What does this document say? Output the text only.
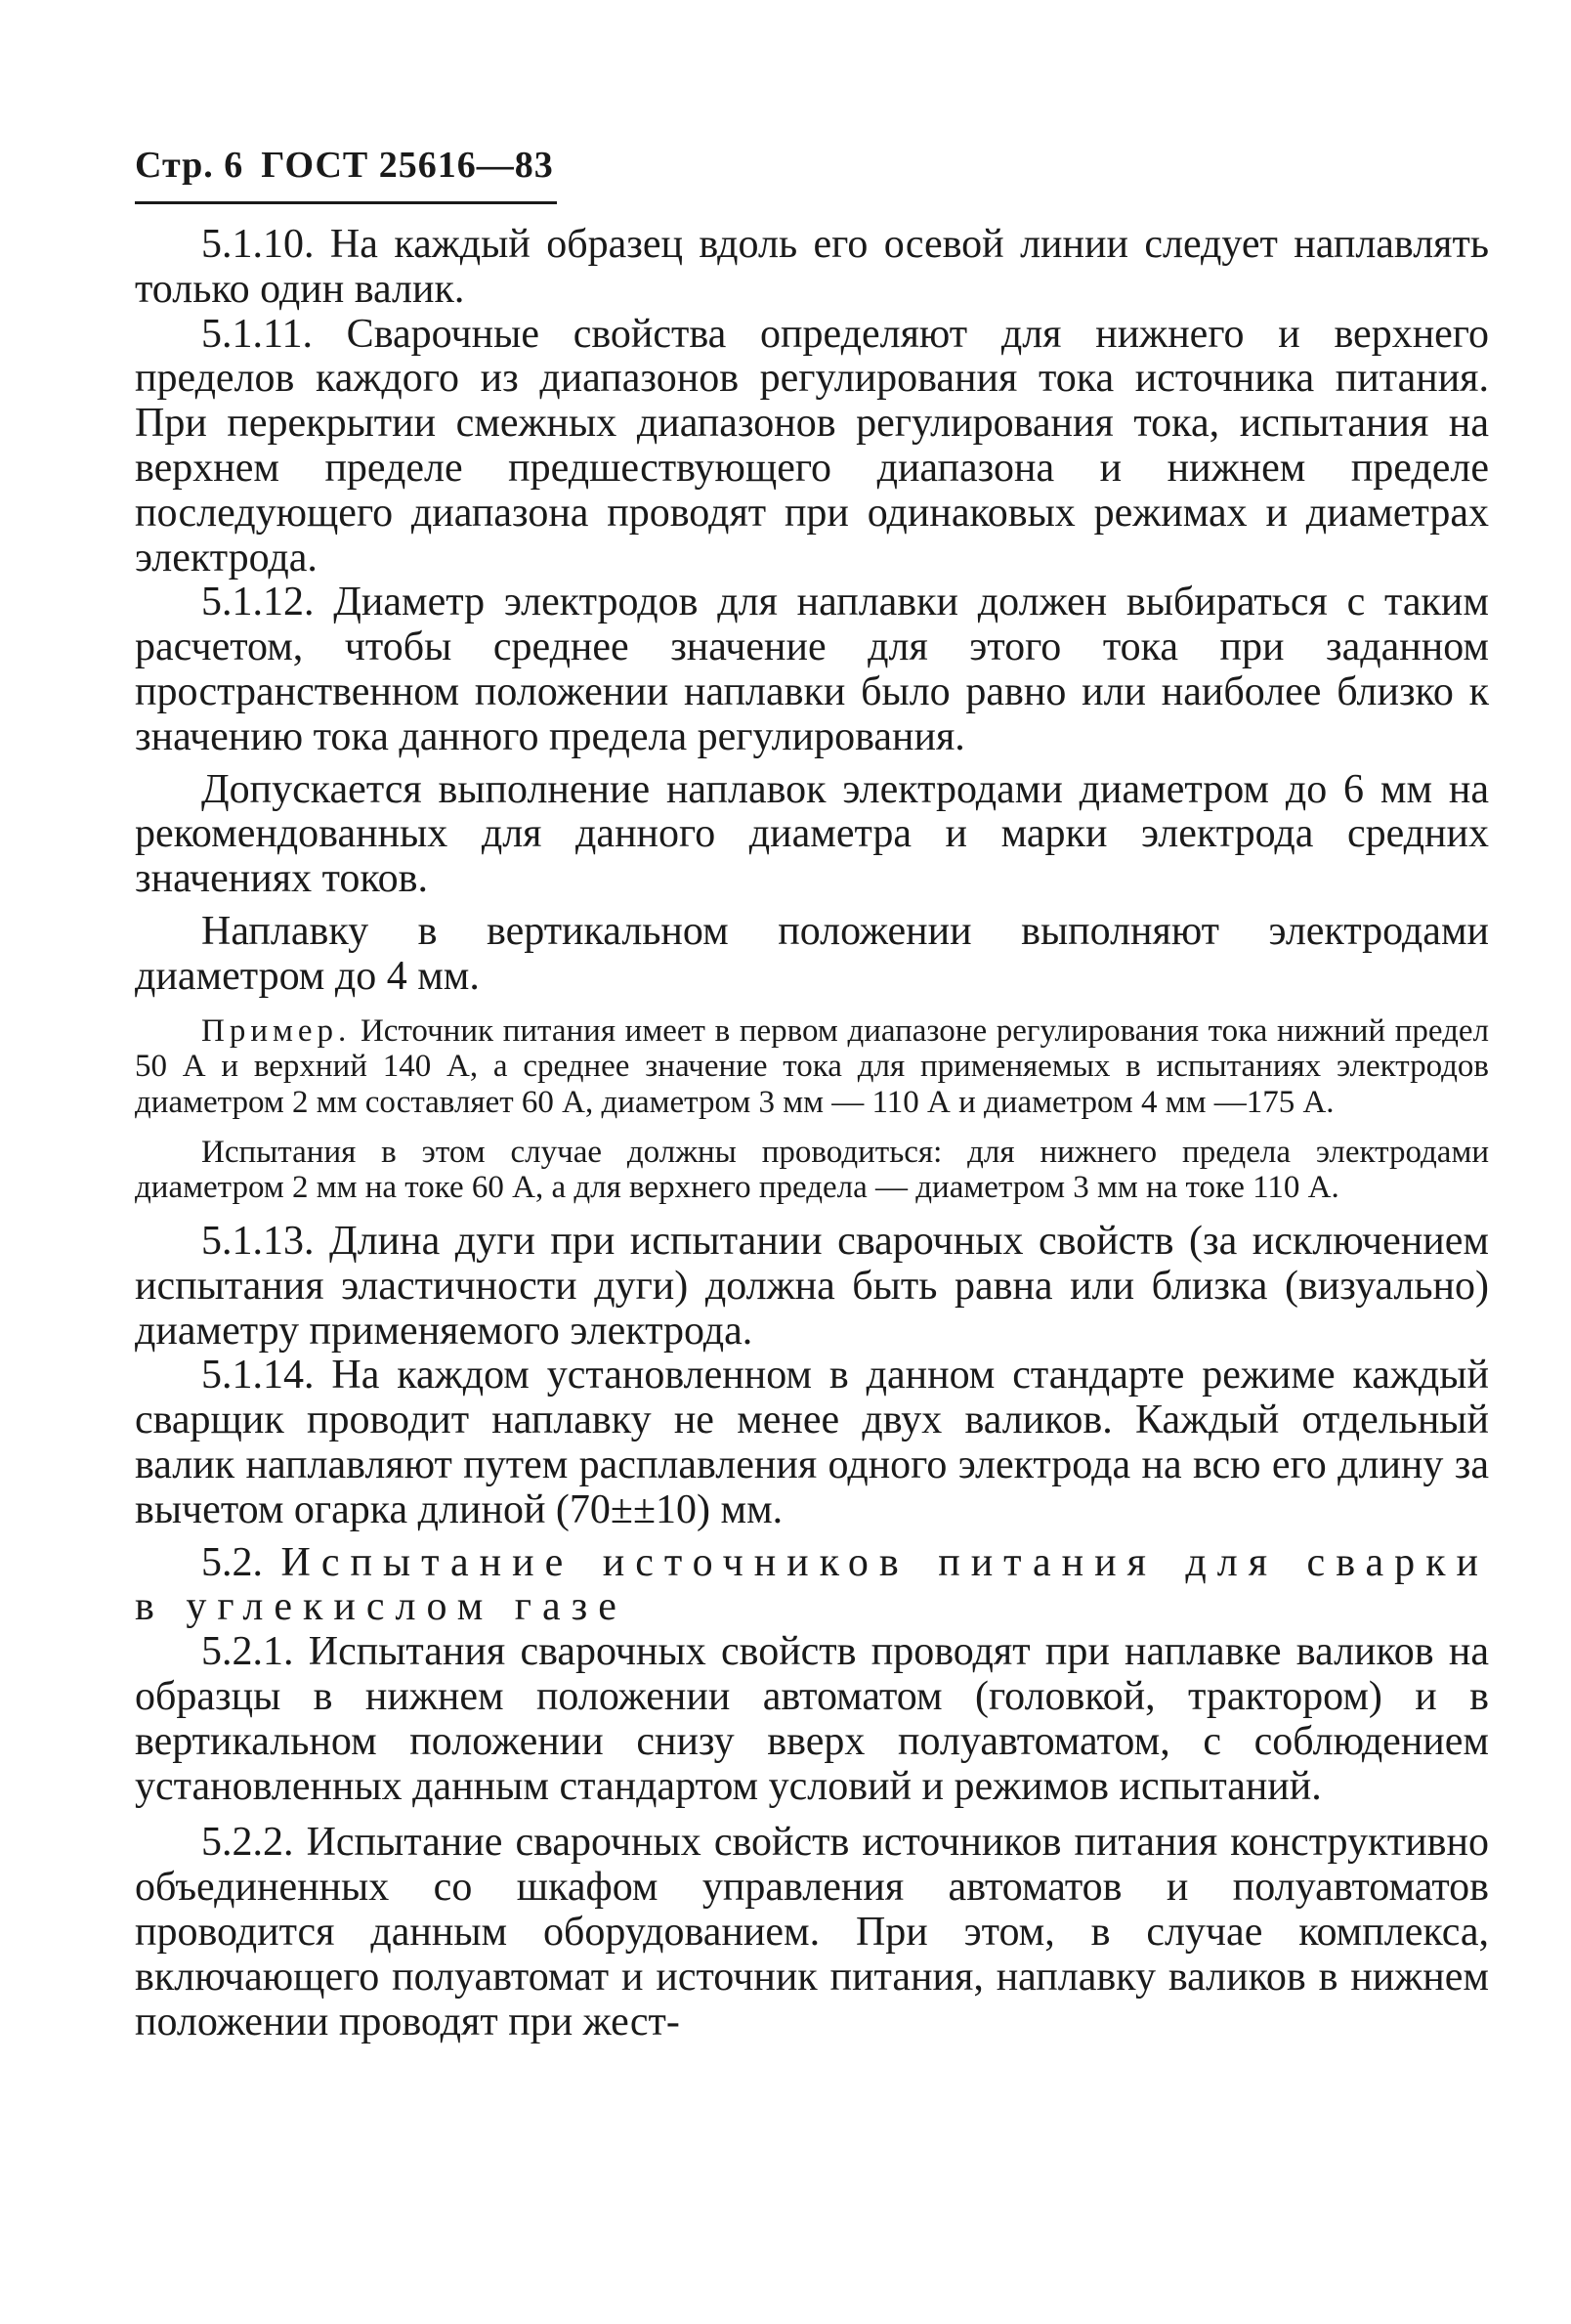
Стр. 6 ГОСТ 25616—83

5.1.10. На каждый образец вдоль его осевой линии следует наплавлять только один валик.

5.1.11. Сварочные свойства определяют для нижнего и верхнего пределов каждого из диапазонов регулирования тока источника питания. При перекрытии смежных диапазонов регулирования тока, испытания на верхнем пределе предшествующего диапазона и нижнем пределе последующего диапазона проводят при одинаковых режимах и диаметрах электрода.

5.1.12. Диаметр электродов для наплавки должен выбираться с таким расчетом, чтобы среднее значение для этого тока при заданном пространственном положении наплавки было равно или наиболее близко к значению тока данного предела регулирования.

Допускается выполнение наплавок электродами диаметром до 6 мм на рекомендованных для данного диаметра и марки электрода средних значениях токов.

Наплавку в вертикальном положении выполняют электродами диаметром до 4 мм.

Пример. Источник питания имеет в первом диапазоне регулирования тока нижний предел 50 А и верхний 140 А, а среднее значение тока для применяемых в испытаниях электродов диаметром 2 мм составляет 60 А, диаметром 3 мм — 110 А и диаметром 4 мм —175 А.

Испытания в этом случае должны проводиться: для нижнего предела электродами диаметром 2 мм на токе 60 А, а для верхнего предела — диаметром 3 мм на токе 110 А.

5.1.13. Длина дуги при испытании сварочных свойств (за исключением испытания эластичности дуги) должна быть равна или близка (визуально) диаметру применяемого электрода.

5.1.14. На каждом установленном в данном стандарте режиме каждый сварщик проводит наплавку не менее двух валиков. Каждый отдельный валик наплавляют путем расплавления одного электрода на всю его длину за вычетом огарка длиной (70±±10) мм.

5.2. Испытание источников питания для сварки в углекислом газе

5.2.1. Испытания сварочных свойств проводят при наплавке валиков на образцы в нижнем положении автоматом (головкой, трактором) и в вертикальном положении снизу вверх полуавтоматом, с соблюдением установленных данным стандартом условий и режимов испытаний.

5.2.2. Испытание сварочных свойств источников питания конструктивно объединенных со шкафом управления автоматов и полуавтоматов проводится данным оборудованием. При этом, в случае комплекса, включающего полуавтомат и источник питания, наплавку валиков в нижнем положении проводят при жест-
